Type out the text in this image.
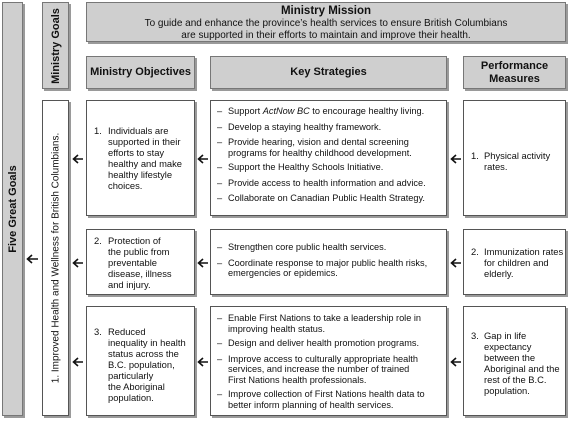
Five Great Goals
Ministry Goals	Ministry Mission
To guide and enhance the province’s health services to ensure British Columbians
are supported in their efforts to maintain and improve their health.
Ministry Objectives	Key Strategies
Performance
Measures
1. Improved Health and Wellness for British Columbians.
1. Individuals are
supported in their
efforts to stay
healthy and make
healthy lifestyle
choices.
– Support ActNow BC to encourage healthy living.
– Develop a staying healthy framework.
– Provide hearing, vision and dental screening
programs for healthy childhood development.
– Support the Healthy Schools Initiative.
– Provide access to health information and advice.
– Collaborate on Canadian Public Health Strategy.
1. Physical activity
rates.
2. Protection of
the public from
preventable
disease, illness
and injury.
– Strengthen core public health services.
– Coordinate response to major public health risks,
emergencies or epidemics.
2. Immunization rates
for children and
elderly.
3. Reduced
inequality in health
status across the
B.C. population,
particularly
the Aboriginal
population.
– Enable First Nations to take a leadership role in
improving health status.
– Design and deliver health promotion programs.
– Improve access to culturally appropriate health
services, and increase the number of trained
First Nations health professionals.
– Improve collection of First Nations health data to
better inform planning of health services.
3. Gap in life
expectancy
between the
Aboriginal and the
rest of the B.C.
population.
